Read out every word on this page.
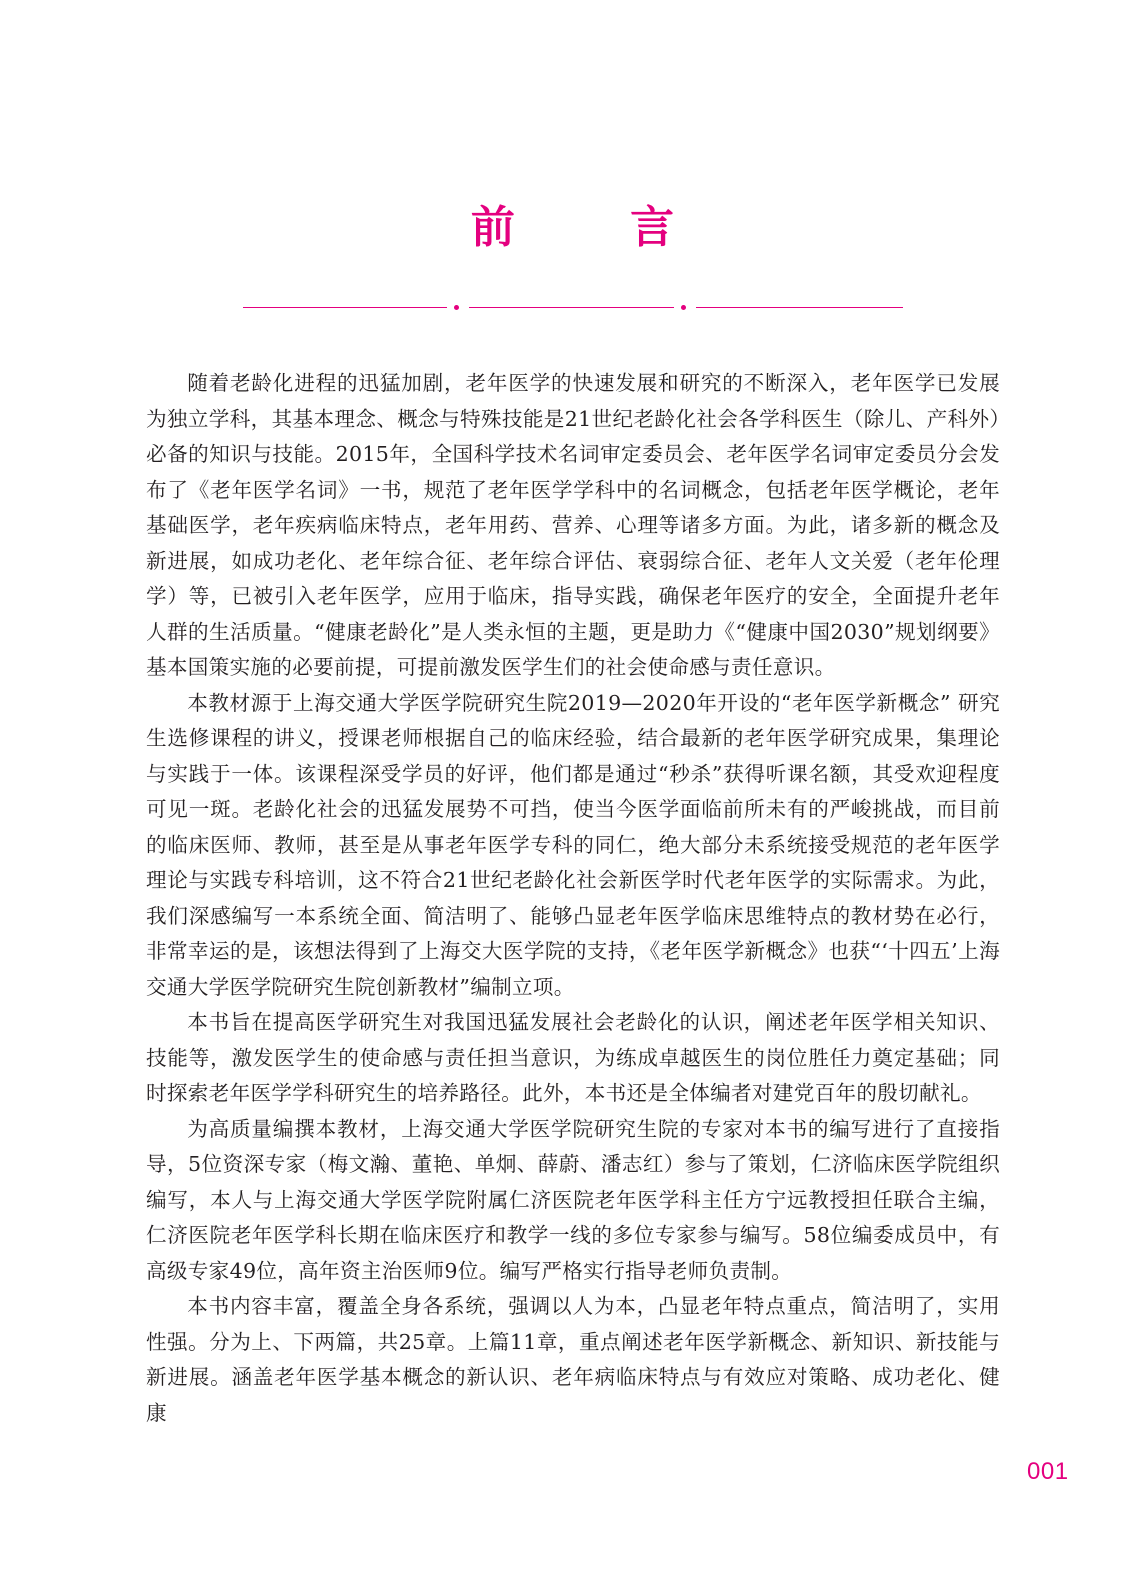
前 言

随着老龄化进程的迅猛加剧，老年医学的快速发展和研究的不断深入，老年医学已发展为独立学科，其基本理念、概念与特殊技能是21世纪老龄化社会各学科医生（除儿、产科外）必备的知识与技能。2015年，全国科学技术名词审定委员会、老年医学名词审定委员分会发布了《老年医学名词》一书，规范了老年医学学科中的名词概念，包括老年医学概论，老年基础医学，老年疾病临床特点，老年用药、营养、心理等诸多方面。为此，诸多新的概念及新进展，如成功老化、老年综合征、老年综合评估、衰弱综合征、老年人文关爱（老年伦理学）等，已被引入老年医学，应用于临床，指导实践，确保老年医疗的安全，全面提升老年人群的生活质量。“健康老龄化”是人类永恒的主题，更是助力《“健康中国2030”规划纲要》基本国策实施的必要前提，可提前激发医学生们的社会使命感与责任意识。

本教材源于上海交通大学医学院研究生院2019—2020年开设的“老年医学新概念” 研究生选修课程的讲义，授课老师根据自己的临床经验，结合最新的老年医学研究成果，集理论与实践于一体。该课程深受学员的好评，他们都是通过“秒杀”获得听课名额，其受欢迎程度可见一斑。老龄化社会的迅猛发展势不可挡，使当今医学面临前所未有的严峻挑战，而目前的临床医师、教师，甚至是从事老年医学专科的同仁，绝大部分未系统接受规范的老年医学理论与实践专科培训，这不符合21世纪老龄化社会新医学时代老年医学的实际需求。为此，我们深感编写一本系统全面、简洁明了、能够凸显老年医学临床思维特点的教材势在必行，非常幸运的是，该想法得到了上海交大医学院的支持，《老年医学新概念》也获“‘十四五’上海交通大学医学院研究生院创新教材”编制立项。

本书旨在提高医学研究生对我国迅猛发展社会老龄化的认识，阐述老年医学相关知识、技能等，激发医学生的使命感与责任担当意识，为练成卓越医生的岗位胜任力奠定基础；同时探索老年医学学科研究生的培养路径。此外，本书还是全体编者对建党百年的殷切献礼。

为高质量编撰本教材，上海交通大学医学院研究生院的专家对本书的编写进行了直接指导，5位资深专家（梅文瀚、董艳、单炯、薛蔚、潘志红）参与了策划，仁济临床医学院组织编写，本人与上海交通大学医学院附属仁济医院老年医学科主任方宁远教授担任联合主编，仁济医院老年医学科长期在临床医疗和教学一线的多位专家参与编写。58位编委成员中，有高级专家49位，高年资主治医师9位。编写严格实行指导老师负责制。

本书内容丰富，覆盖全身各系统，强调以人为本，凸显老年特点重点，简洁明了，实用性强。分为上、下两篇，共25章。上篇11章，重点阐述老年医学新概念、新知识、新技能与新进展。涵盖老年医学基本概念的新认识、老年病临床特点与有效应对策略、成功老化、健康

001
